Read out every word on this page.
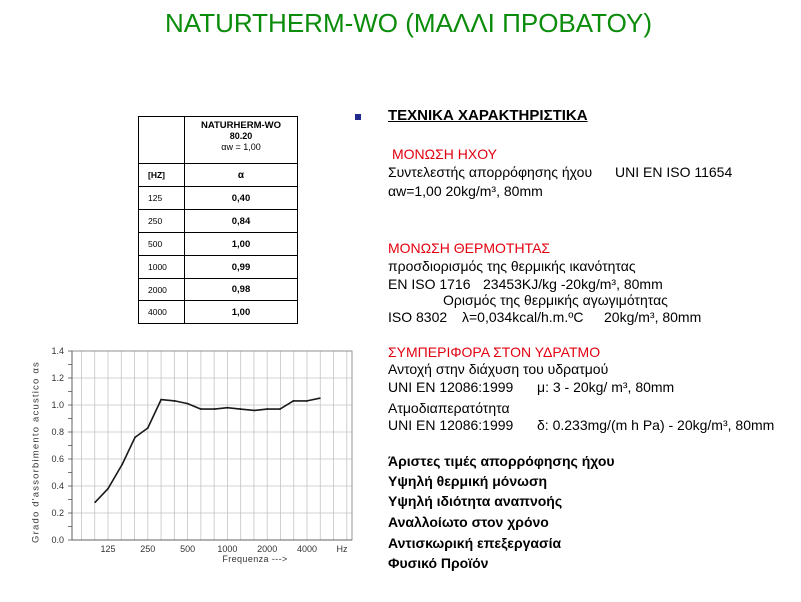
NATURTHERM-WO (ΜΑΛΛΙ ΠΡΟΒΑΤΟΥ)
NATURHERM-WO
80.20
αw = 1,00
[HZ]	α
125	0,40
250	0,84
500	1,00
1000	0,99
2000	0,98
4000	1,00
1.4
1.2
1.0
0.8
0.6
0.4
0.2
0.0
125	250	500 1000 2000 4000 Hz
Frequenza --->
Grado d'assorbimento acustico αs
ΤΕΧΝΙΚΑ ΧΑΡΑΚΤΗΡΙΣΤΙΚΑ
ΜΟΝΩΣΗ ΗΧΟΥ
Συντελεστής απορρόφησης ήχου UNI EN ISO 11654
αw=1,00 20kg/m³, 80mm
ΜΟΝΩΣΗ ΘΕΡΜΟΤΗΤΑΣ
προσδιορισμός της θερμικής ικανότητας
EN ISO 1716 23453KJ/kg -20kg/m³, 80mm
Ορισμός της θερμικής αγωγιμότητας
ISO 8302 λ=0,034kcal/h.m.ºC 20kg/m³, 80mm
ΣΥΜΠΕΡΙΦΟΡΑ ΣΤΟΝ ΥΔΡΑΤΜΟ
Αντοχή στην διάχυση του υδρατμού
UNI EN 12086:1999 μ: 3 - 20kg/ m³, 80mm
Ατμοδιαπερατότητα
UNI EN 12086:1999 δ: 0.233mg/(m h Pa) - 20kg/m³, 80mm
Άριστες τιμές απορρόφησης ήχου
Υψηλή θερμική μόνωση
Υψηλή ιδιότητα αναπνοής
Αναλλοίωτο στον χρόνο
Αντισκωρική επεξεργασία
Φυσικό Προϊόν
